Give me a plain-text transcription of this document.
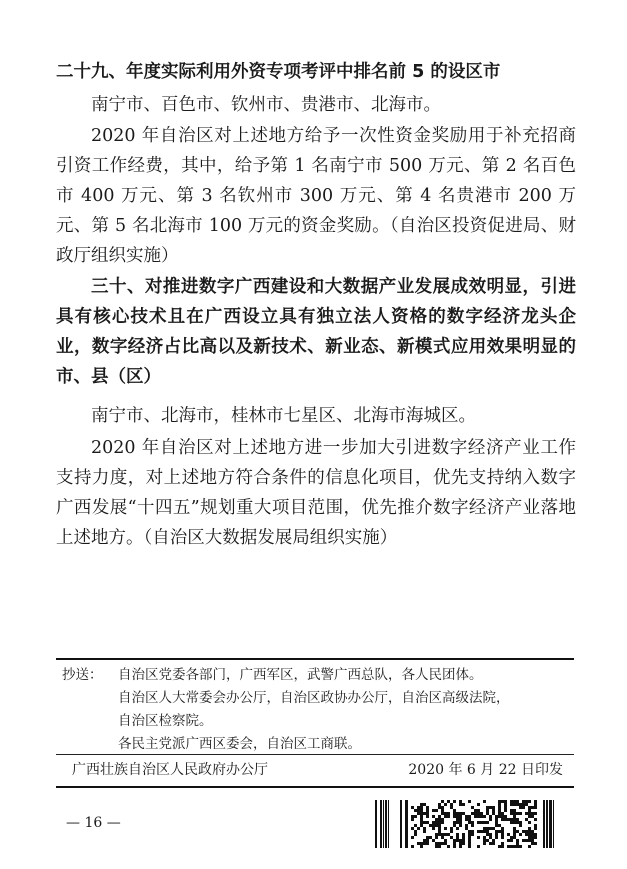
二十九、年度实际利用外资专项考评中排名前 5 的设区市

南宁市、百色市、钦州市、贵港市、北海市。

2020 年自治区对上述地方给予一次性资金奖励用于补充招商引资工作经费，其中，给予第 1 名南宁市 500 万元、第 2 名百色市 400 万元、第 3 名钦州市 300 万元、第 4 名贵港市 200 万元、第 5 名北海市 100 万元的资金奖励。（自治区投资促进局、财政厅组织实施）

三十、对推进数字广西建设和大数据产业发展成效明显，引进具有核心技术且在广西设立具有独立法人资格的数字经济龙头企业，数字经济占比高以及新技术、新业态、新模式应用效果明显的市、县（区）

南宁市、北海市，桂林市七星区、北海市海城区。

2020 年自治区对上述地方进一步加大引进数字经济产业工作支持力度，对上述地方符合条件的信息化项目，优先支持纳入数字广西发展“十四五”规划重大项目范围，优先推介数字经济产业落地上述地方。（自治区大数据发展局组织实施）

抄送：	自治区党委各部门，广西军区，武警广西总队，各人民团体。
自治区人大常委会办公厅，自治区政协办公厅，自治区高级法院，
自治区检察院。
各民主党派广西区委会，自治区工商联。
广西壮族自治区人民政府办公厅	2020 年 6 月 22 日印发
— 16 —
